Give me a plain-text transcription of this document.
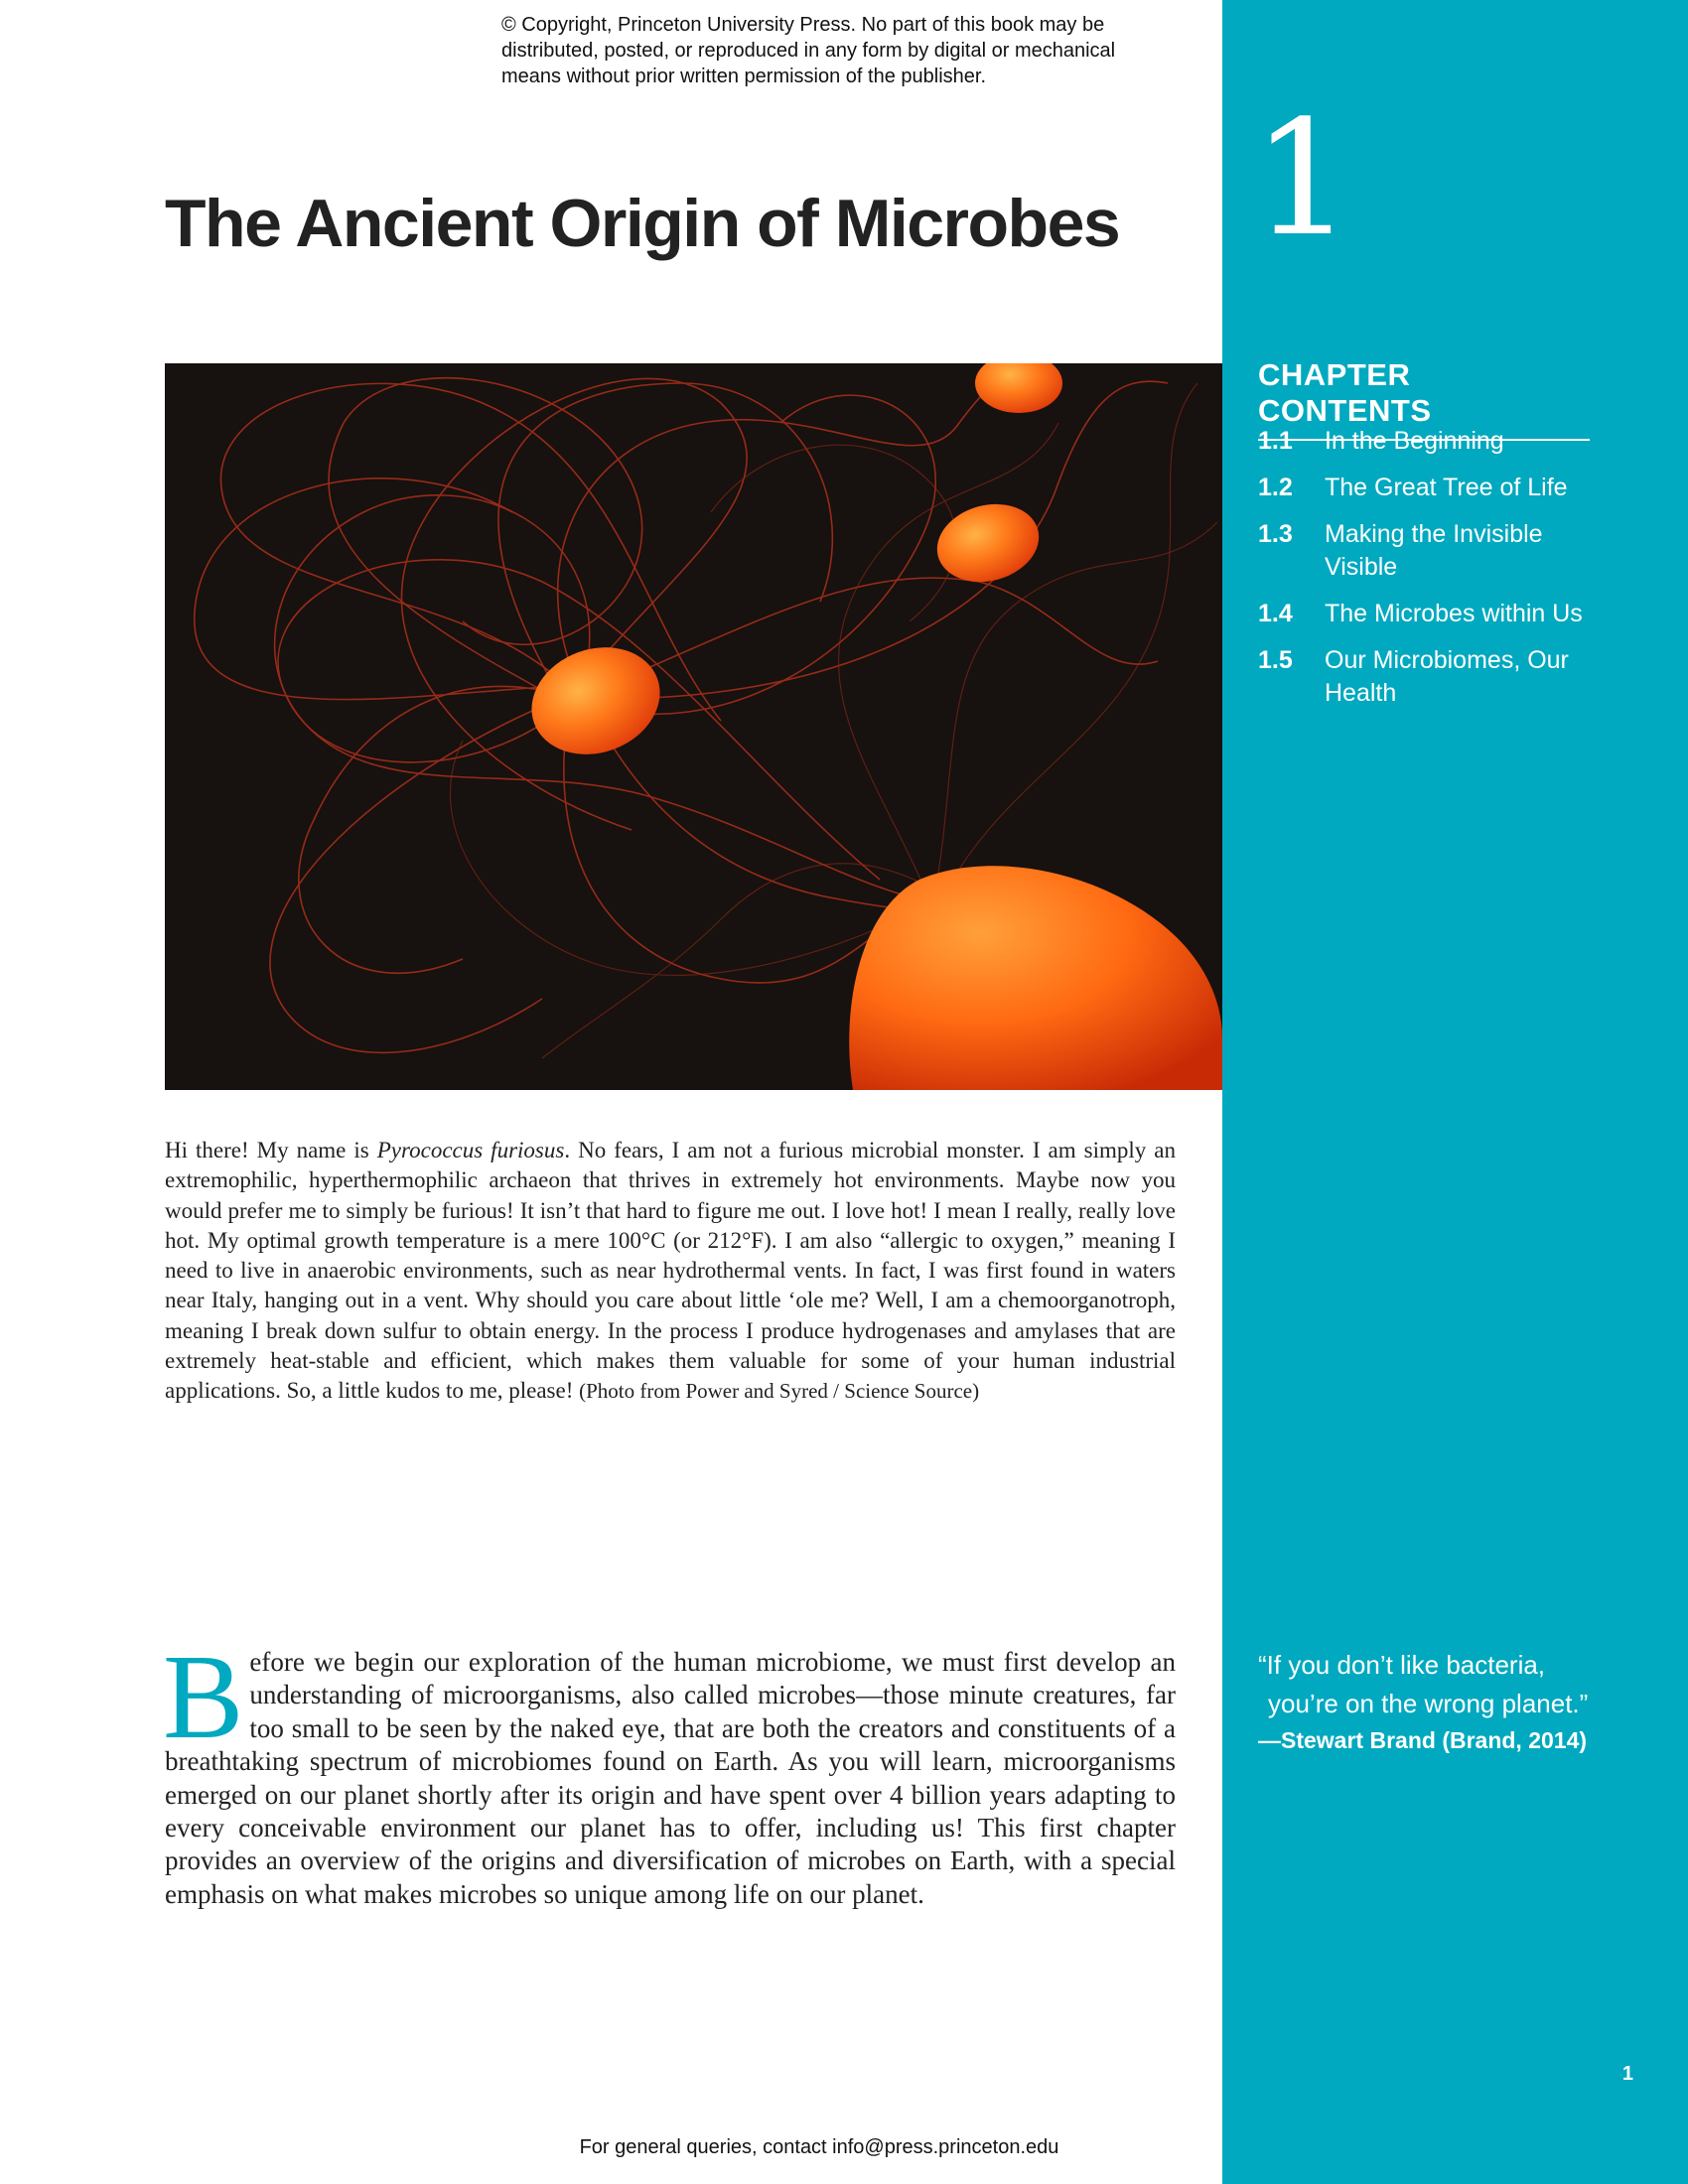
© Copyright, Princeton University Press. No part of this book may be
distributed, posted, or reproduced in any form by digital or mechanical
means without prior written permission of the publisher.
The Ancient Origin of Microbes
Hi there! My name is Pyrococcus furiosus. No fears, I am not a furious microbial monster. I am simply an extremophilic, hyperthermophilic archaeon that thrives in extremely hot environments. Maybe now you would prefer me to simply be furious! It isn’t that hard to figure me out. I love hot! I mean I really, really love hot. My optimal growth temperature is a mere 100°C (or 212°F). I am also “allergic to oxygen,” meaning I need to live in anaerobic environments, such as near hydrothermal vents. In fact, I was first found in waters near Italy, hanging out in a vent. Why should you care about little ‘ole me? Well, I am a chemoorganotroph, meaning I break down sulfur to obtain energy. In the process I produce hydrogenases and amylases that are extremely heat-stable and efficient, which makes them valuable for some of your human industrial applications. So, a little kudos to me, please! (Photo from Power and Syred / Science Source)
Before we begin our exploration of the human microbiome, we must first develop an understanding of microorganisms, also called microbes—those minute creatures, far too small to be seen by the naked eye, that are both the creators and constituents of a breathtaking spectrum of microbiomes found on Earth. As you will learn, microorganisms emerged on our planet shortly after its origin and have spent over 4 billion years adapting to every conceivable environment our planet has to offer, including us! This first chapter provides an overview of the origins and diversification of microbes on Earth, with a special emphasis on what makes microbes so unique among life on our planet.
1
CHAPTER CONTENTS
1.1	In the Beginning
1.2	The Great Tree of Life
1.3	Making the Invisible Visible
1.4	The Microbes within Us
1.5	Our Microbiomes, Our Health
“If you don’t like bacteria, you’re on the wrong planet.”
—Stewart Brand (Brand, 2014)
1
For general queries, contact info@press.princeton.edu
